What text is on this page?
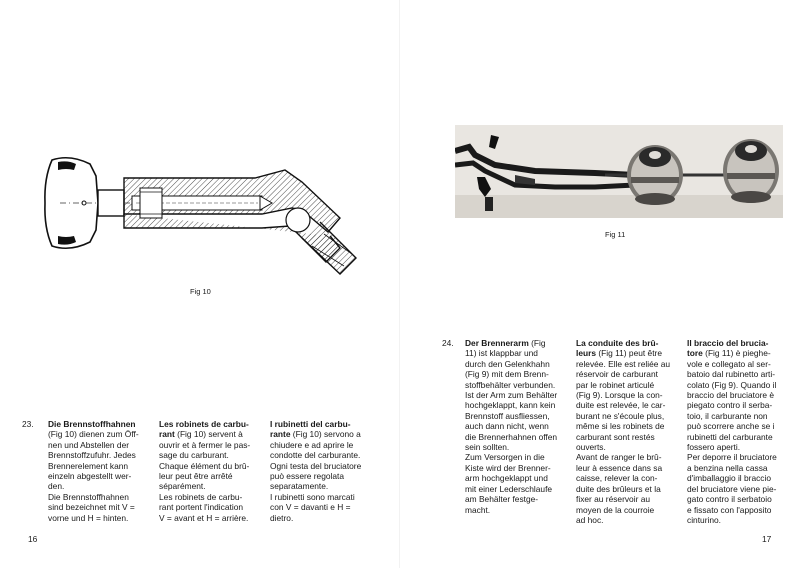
Fig 10
23. Die Brennstoffhahnen
(Fig 10) dienen zum Öff-
nen und Abstellen der
Brennstoffzufuhr. Jedes
Brennerelement kann
einzeln abgestellt wer-
den.
Die Brennstoffhahnen
sind bezeichnet mit V =
vorne und H = hinten.
Les robinets de carbu-
rant (Fig 10) servent à
ouvrir et à fermer le pas-
sage du carburant.
Chaque élément du brû-
leur peut être arrêté
séparément.
Les robinets de carbu-
rant portent l'indication
V = avant et H = arrière.
I rubinetti del carbu-
rante (Fig 10) servono a
chiudere e ad aprire le
condotte del carburante.
Ogni testa del bruciatore
può essere regolata
separatamente.
I rubinetti sono marcati
con V = davanti e H =
dietro.
16
Fig 11
24. Der Brennerarm (Fig
11) ist klappbar und
durch den Gelenkhahn
(Fig 9) mit dem Brenn-
stoffbehälter verbunden.
Ist der Arm zum Behälter
hochgeklappt, kann kein
Brennstoff ausfliessen,
auch dann nicht, wenn
die Brennerhahnen offen
sein sollten.
Zum Versorgen in die
Kiste wird der Brenner-
arm hochgeklappt und
mit einer Lederschlaufe
am Behälter festge-
macht.
La conduite des brû-
leurs (Fig 11) peut être
relevée. Elle est reliée au
réservoir de carburant
par le robinet articulé
(Fig 9). Lorsque la con-
duite est relevée, le car-
burant ne s'écoule plus,
même si les robinets de
carburant sont restés
ouverts.
Avant de ranger le brû-
leur à essence dans sa
caisse, relever la con-
duite des brûleurs et la
fixer au réservoir au
moyen de la courroie
ad hoc.
Il braccio del brucia-
tore (Fig 11) è pieghe-
vole e collegato al ser-
batoio dal rubinetto arti-
colato (Fig 9). Quando il
braccio del bruciatore è
piegato contro il serba-
toio, il carburante non
può scorrere anche se i
rubinetti del carburante
fossero aperti.
Per deporre il bruciatore
a benzina nella cassa
d'imballaggio il braccio
del bruciatore viene pie-
gato contro il serbatoio
e fissato con l'apposito
cinturino.
17
